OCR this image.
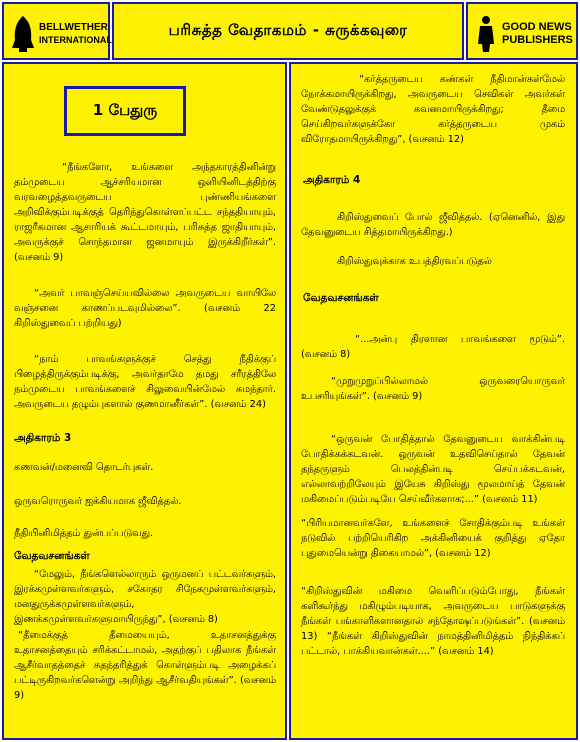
BELLWETHER
INTERNATIONAL
பரிசுத்த வேதாகமம் - சுருக்கவுரை	GOOD NEWS
PUBLISHERS
1 பேதுரு

“நீங்களோ, உங்களை அந்தகாரத்தினின்று தம்முடைய ஆச்சரியமான ஒளியினிடத்திற்கு வரவழைத்தவருடைய புண்ணியங்களை அறிவிக்கும்படிக்குத் தெரிந்துகொள்ளப்பட்ட சந்ததியாயும், ராஜரீகமான ஆசாரியக் கூட்டமாயும், பரிசுத்த ஜாதியாயும், அவருக்குச் சொந்தமான ஜனமாயும் இருக்கிறீர்கள்”. (வசனம் 9)

“அவர் பாவஞ்செய்யவில்லை அவருடைய வாயிலே வஞ்சனை காணப்படவுமில்லை”. (வசனம் 22 கிறிஸ்துவைப் பற்றியது)

“நாம் பாவங்களுக்குச் செத்து நீதிக்குப் பிழைத்திருக்கும்படிக்கு, அவர்தாமே தமது சரீரத்திலே நம்முடைய பாவங்களைச் சிலுவையின்மேல் சுமந்தார். அவருடைய தழும்புகளால் குணமானீர்கள்”. (வசனம் 24)

அதிகாரம் 3

கணவன்/மனைவி தொடர்புகள்.

ஒருவரொருவர் ஐக்கியமாக ஜீவித்தல்.

நீதியினிமித்தம் துன்பப்படுவது.

வேதவசனங்கள்

“மேலும், நீங்களெல்லாரும் ஒருமனப் பட்டவர்களும், இரக்கமுள்ளவர்களும், சகோதர சிநேகமுள்ளவர்களும், மனதுருக்கமுள்ளவர்களும், இணக்கமுள்ளவர்களுமாயிருந்து”, (வசனம் 8)

“தீமைக்குத் தீமையையும், உதாசனத்துக்கு உதாசனத்தையும் சரிக்கட்டாமல், அதற்குப் பதிலாக நீங்கள் ஆசீர்வாதத்தைச் சுதந்தரித்துக் கொள்ளும்படி அழைக்கப் பட்டிருகிறவர்களென்று அறிந்து ஆசீர்வதியுங்கள்”. (வசனம் 9)

“கர்த்தருடைய கண்கள் நீதிமான்கள்மேல் நோக்கமாயிருக்கிறது, அவருடைய செவிகள் அவர்கள் வேண்டுதலுக்குக் கவனமாயிருக்கிறது; தீமை செய்கிறவர்களுக்கோ கர்த்தருடைய முகம் விரோதமாயிருக்கிறது”, (வசனம் 12)

அதிகாரம் 4

கிறிஸ்துவைப் போல் ஜீவித்தல். (ஏனெனில், இது தேவனுடைய சித்தமாயிருக்கிறது.)

கிறிஸ்துவுக்காக உபத்திரவப்படுதல்

வேதவசனங்கள்

“...அன்பு திரளான பாவங்களை மூடும்”. (வசனம் 8)

“முறுமுறுப்பில்லாமல் ஒருவரையொருவர் உபசரியுங்கள்”. (வசனம் 9)

“ஒருவன் போதித்தால் தேவனுடைய வாக்கின்படி போதிக்கக்கடவன். ஒருவன் உதவிசெய்தால் தேவன் தந்தருளும் பெலத்தின்படி செய்பக்கடவன், எல்லாவற்றிலேயும் இயேசு கிறிஸ்து மூலமாய்த் தேவன் மகிமைப்படும்படியே செய்வீர்களாக;...” (வசனம் 11)

“பிரியமானவர்களே, உங்களைச் சோதிக்கும்படி உங்கள் நடுவில் பற்றியெரிகிற அக்கினியைக் குறித்து ஏதோ புதுமையென்று திகையாமல்”, (வசனம் 12)

“கிறிஸ்துவின் மகிமை வெளிப்படும்போது, நீங்கள் களிகூர்ந்து மகிழும்படியாக, அவருடைய பாடுகளுக்கு நீங்கள் பங்காளிகளானதால் சந்தோஷப்படுங்கள்”. (வசனம் 13) “நீங்கள் கிறிஸ்துவின் நாமத்தினிமித்தம் நிந்திக்கப் பட்டால், பாக்கியவான்கள்....” (வசனம் 14)
